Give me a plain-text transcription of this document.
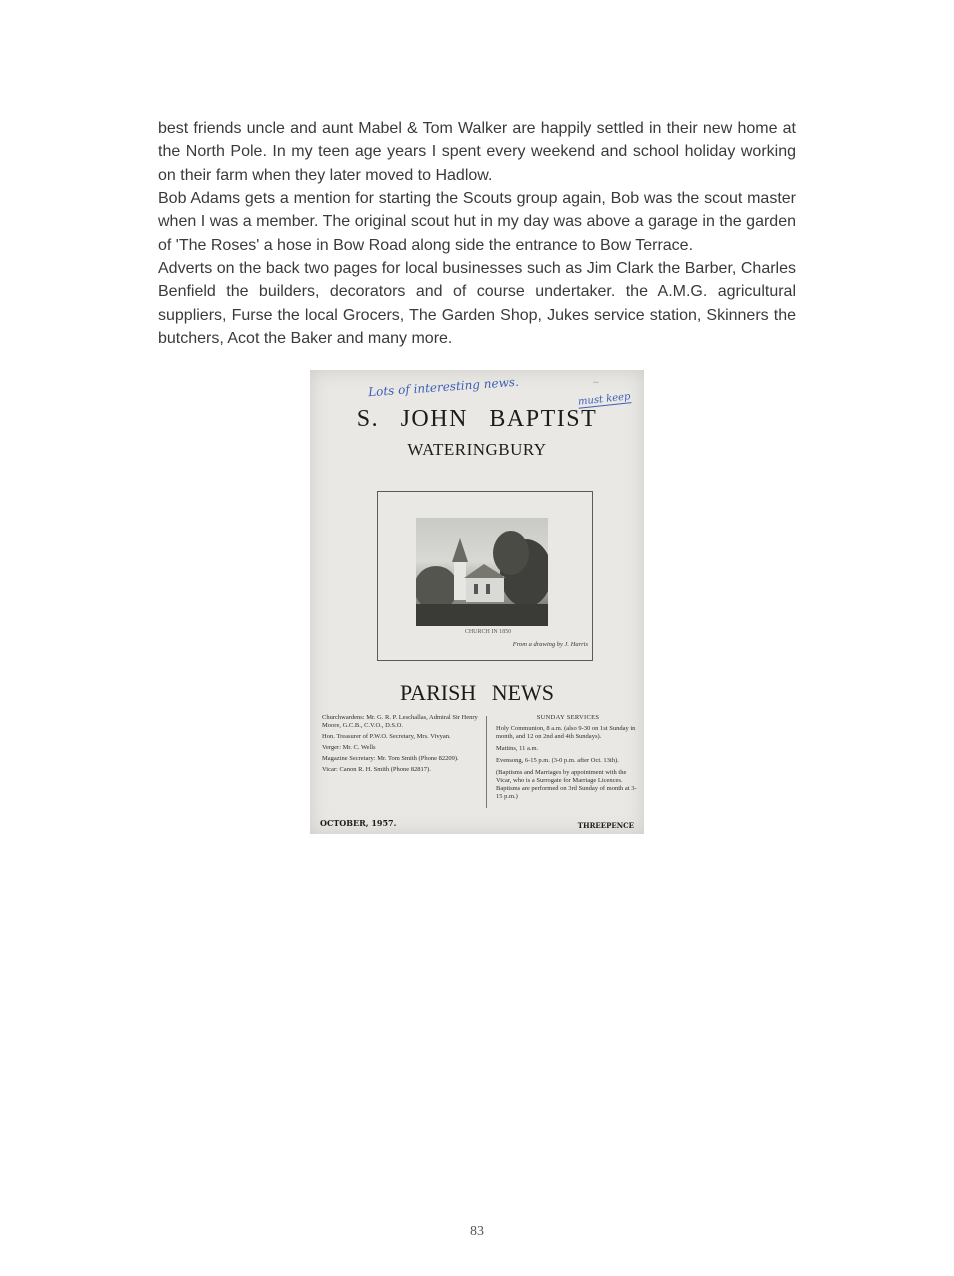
best friends uncle and aunt Mabel & Tom Walker are happily settled in their new home at the North Pole. In my teen age years I spent every weekend and school holiday working on their farm when they later moved to Hadlow.

Bob Adams gets a mention for starting the Scouts group again, Bob was the scout master when I was a member. The original scout hut in my day was above a garage in the garden of 'The Roses' a hose in Bow Road along side the entrance to Bow Terrace.

Adverts on the back two pages for local businesses such as Jim Clark the Barber, Charles Benfield the builders, decorators and of course undertaker. the A.M.G. agricultural suppliers, Furse the local Grocers, The Garden Shop, Jukes service station, Skinners the butchers, Acot the Baker and many more.

Lots of interesting news.
must keep
~
S. JOHN BAPTIST
WATERINGBURY
CHURCH IN 1850
From a drawing by J. Harris
PARISH NEWS

Churchwardens: Mr. G. R. P. Leschallas, Admiral Sir Henry Moore, G.C.B., C.V.O., D.S.O.

Hon. Treasurer of P.W.O. Secretary, Mrs. Vivyan.

Verger: Mr. C. Wells

Magazine Secretary: Mr. Tom Smith (Phone 82209).

Vicar: Canon R. H. Smith (Phone 82817).

SUNDAY SERVICES

Holy Communion, 8 a.m. (also 9-30 on 1st Sunday in month, and 12 on 2nd and 4th Sundays).

Mattins, 11 a.m.

Evensong, 6-15 p.m. (3-0 p.m. after Oct. 13th).

(Baptisms and Marriages by appointment with the Vicar, who is a Surrogate for Marriage Licences. Baptisms are performed on 3rd Sunday of month at 3-15 p.m.)

OCTOBER, 1957.	THREEPENCE
83
